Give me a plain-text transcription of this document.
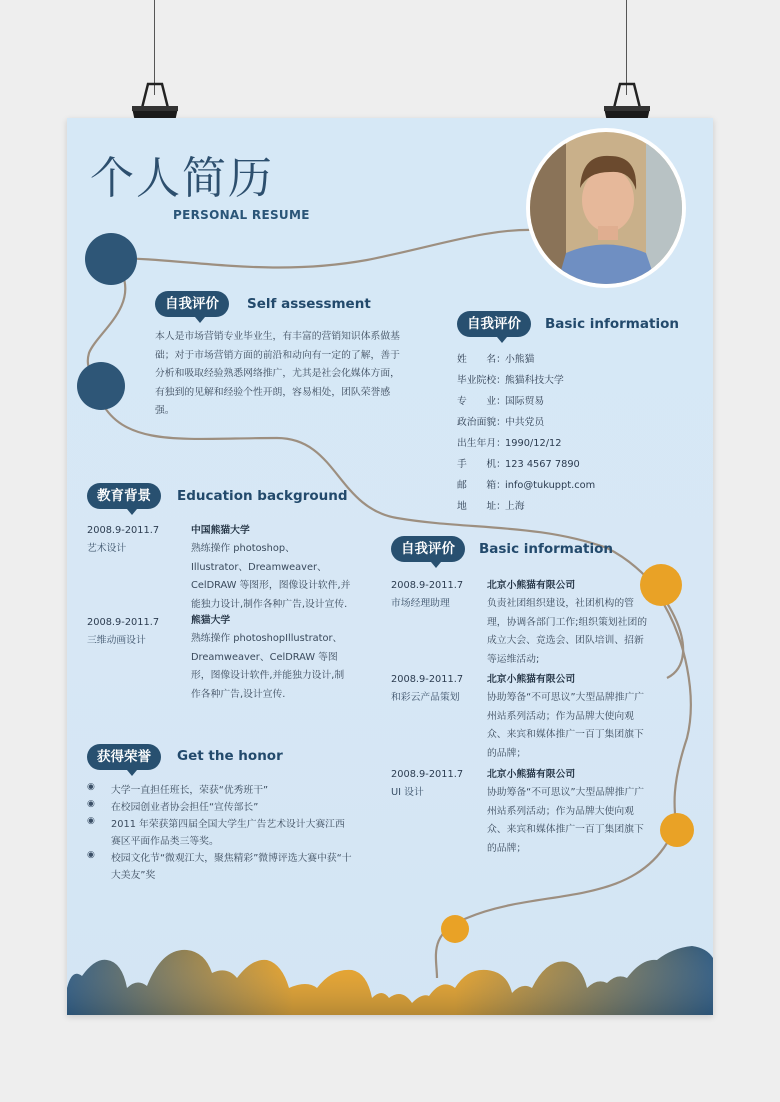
个人简历
PERSONAL RESUME
自我评价	Self assessment
本人是市场营销专业毕业生，有丰富的营销知识体系做基础；对于市场营销方面的前沿和动向有一定的了解，善于分析和吸取经验熟悉网络推广，尤其是社会化媒体方面，有独到的见解和经验个性开朗，容易相处，团队荣誉感强。
自我评价	Basic information
姓　　名：小熊猫
毕业院校：熊猫科技大学
专　　业：国际贸易
政治面貌：中共党员
出生年月：1990/12/12
手　　机：123 4567 7890
邮　　箱：info@tukuppt.com
地　　址：上海
教育背景	Education background
2008.9-2011.7
艺术设计
中国熊猫大学
熟练操作 photoshop、Illustrator、Dreamweaver、CelDRAW 等图形，图像设计软件,并能独力设计,制作各种广告,设计宣传.
2008.9-2011.7
三维动画设计
熊猫大学
熟练操作 photoshopIllustrator、Dreamweaver、CelDRAW 等图形，图像设计软件,并能独力设计,制作各种广告,设计宣传.
自我评价	Basic information
2008.9-2011.7
市场经理助理
北京小熊猫有限公司
负责社团组织建设，社团机构的管理，协调各部门工作;组织策划社团的成立大会、竞选会、团队培训、招新等运维活动;
2008.9-2011.7
和彩云产品策划
北京小熊猫有限公司
协助筹备“不可思议”大型品牌推广广州站系列活动；作为品牌大使向观众、来宾和媒体推广一百丁集团旗下的品牌；
2008.9-2011.7
UI 设计
北京小熊猫有限公司
协助筹备“不可思议”大型品牌推广广州站系列活动；作为品牌大使向观众、来宾和媒体推广一百丁集团旗下的品牌；
获得荣誉	Get the honor
◉	大学一直担任班长，荣获“优秀班干”
◉	在校园创业者协会担任“宣传部长”
◉	2011 年荣获第四届全国大学生广告艺术设计大赛江西赛区平面作品类三等奖。
◉	校园文化节“微观江大，聚焦精彩”微博评选大赛中获“十大美友”奖
